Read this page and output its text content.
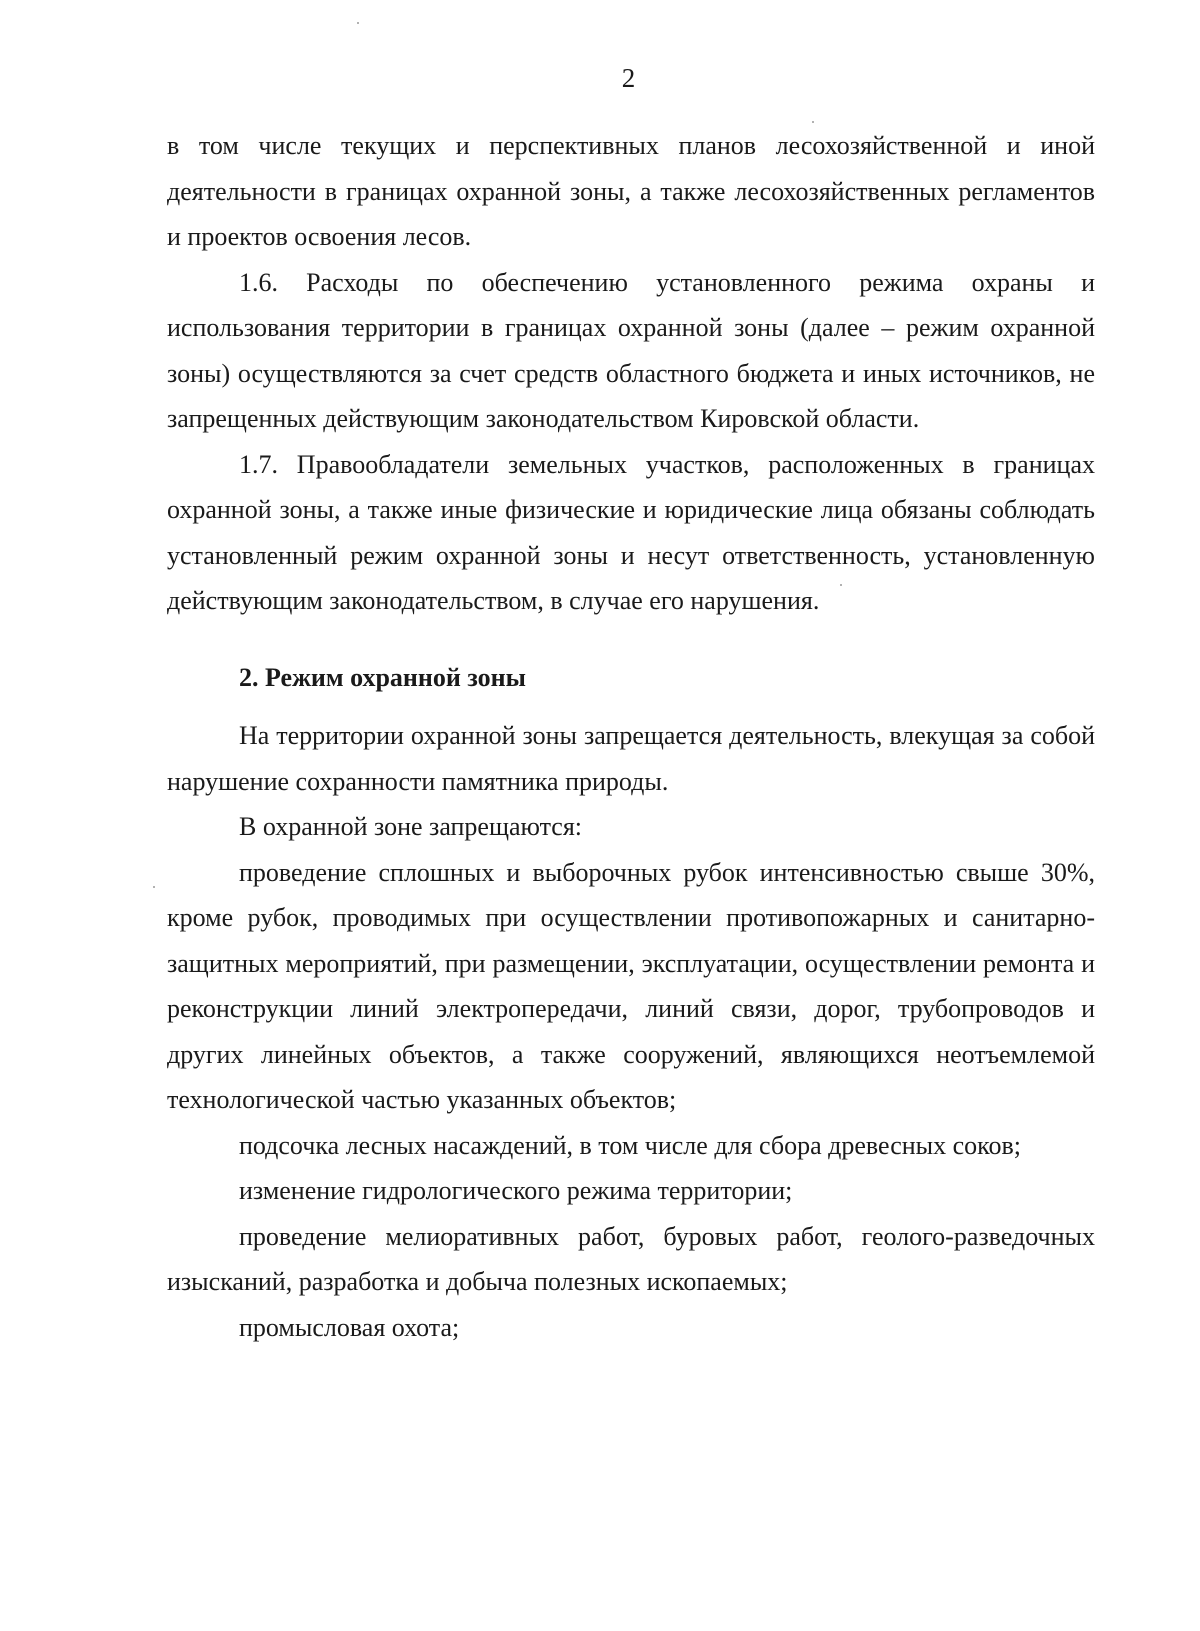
2

в том числе текущих и перспективных планов лесохозяйственной и иной деятельности в границах охранной зоны, а также лесохозяйственных регламентов и проектов освоения лесов.

1.6. Расходы по обеспечению установленного режима охраны и использования территории в границах охранной зоны (далее – режим охранной зоны) осуществляются за счет средств областного бюджета и иных источников, не запрещенных действующим законодательством Кировской области.

1.7. Правообладатели земельных участков, расположенных в границах охранной зоны, а также иные физические и юридические лица обязаны соблюдать установленный режим охранной зоны и несут ответственность, установленную действующим законодательством, в случае его нарушения.

2. Режим охранной зоны

На территории охранной зоны запрещается деятельность, влекущая за собой нарушение сохранности памятника природы.

В охранной зоне запрещаются:

проведение сплошных и выборочных рубок интенсивностью свыше 30%, кроме рубок, проводимых при осуществлении противопожарных и санитарно-защитных мероприятий, при размещении, эксплуатации, осуществлении ремонта и реконструкции линий электропередачи, линий связи, дорог, трубопроводов и других линейных объектов, а также сооружений, являющихся неотъемлемой технологической частью указанных объектов;

подсочка лесных насаждений, в том числе для сбора древесных соков;

изменение гидрологического режима территории;

проведение мелиоративных работ, буровых работ, геолого-разведочных изысканий, разработка и добыча полезных ископаемых;

промысловая охота;
